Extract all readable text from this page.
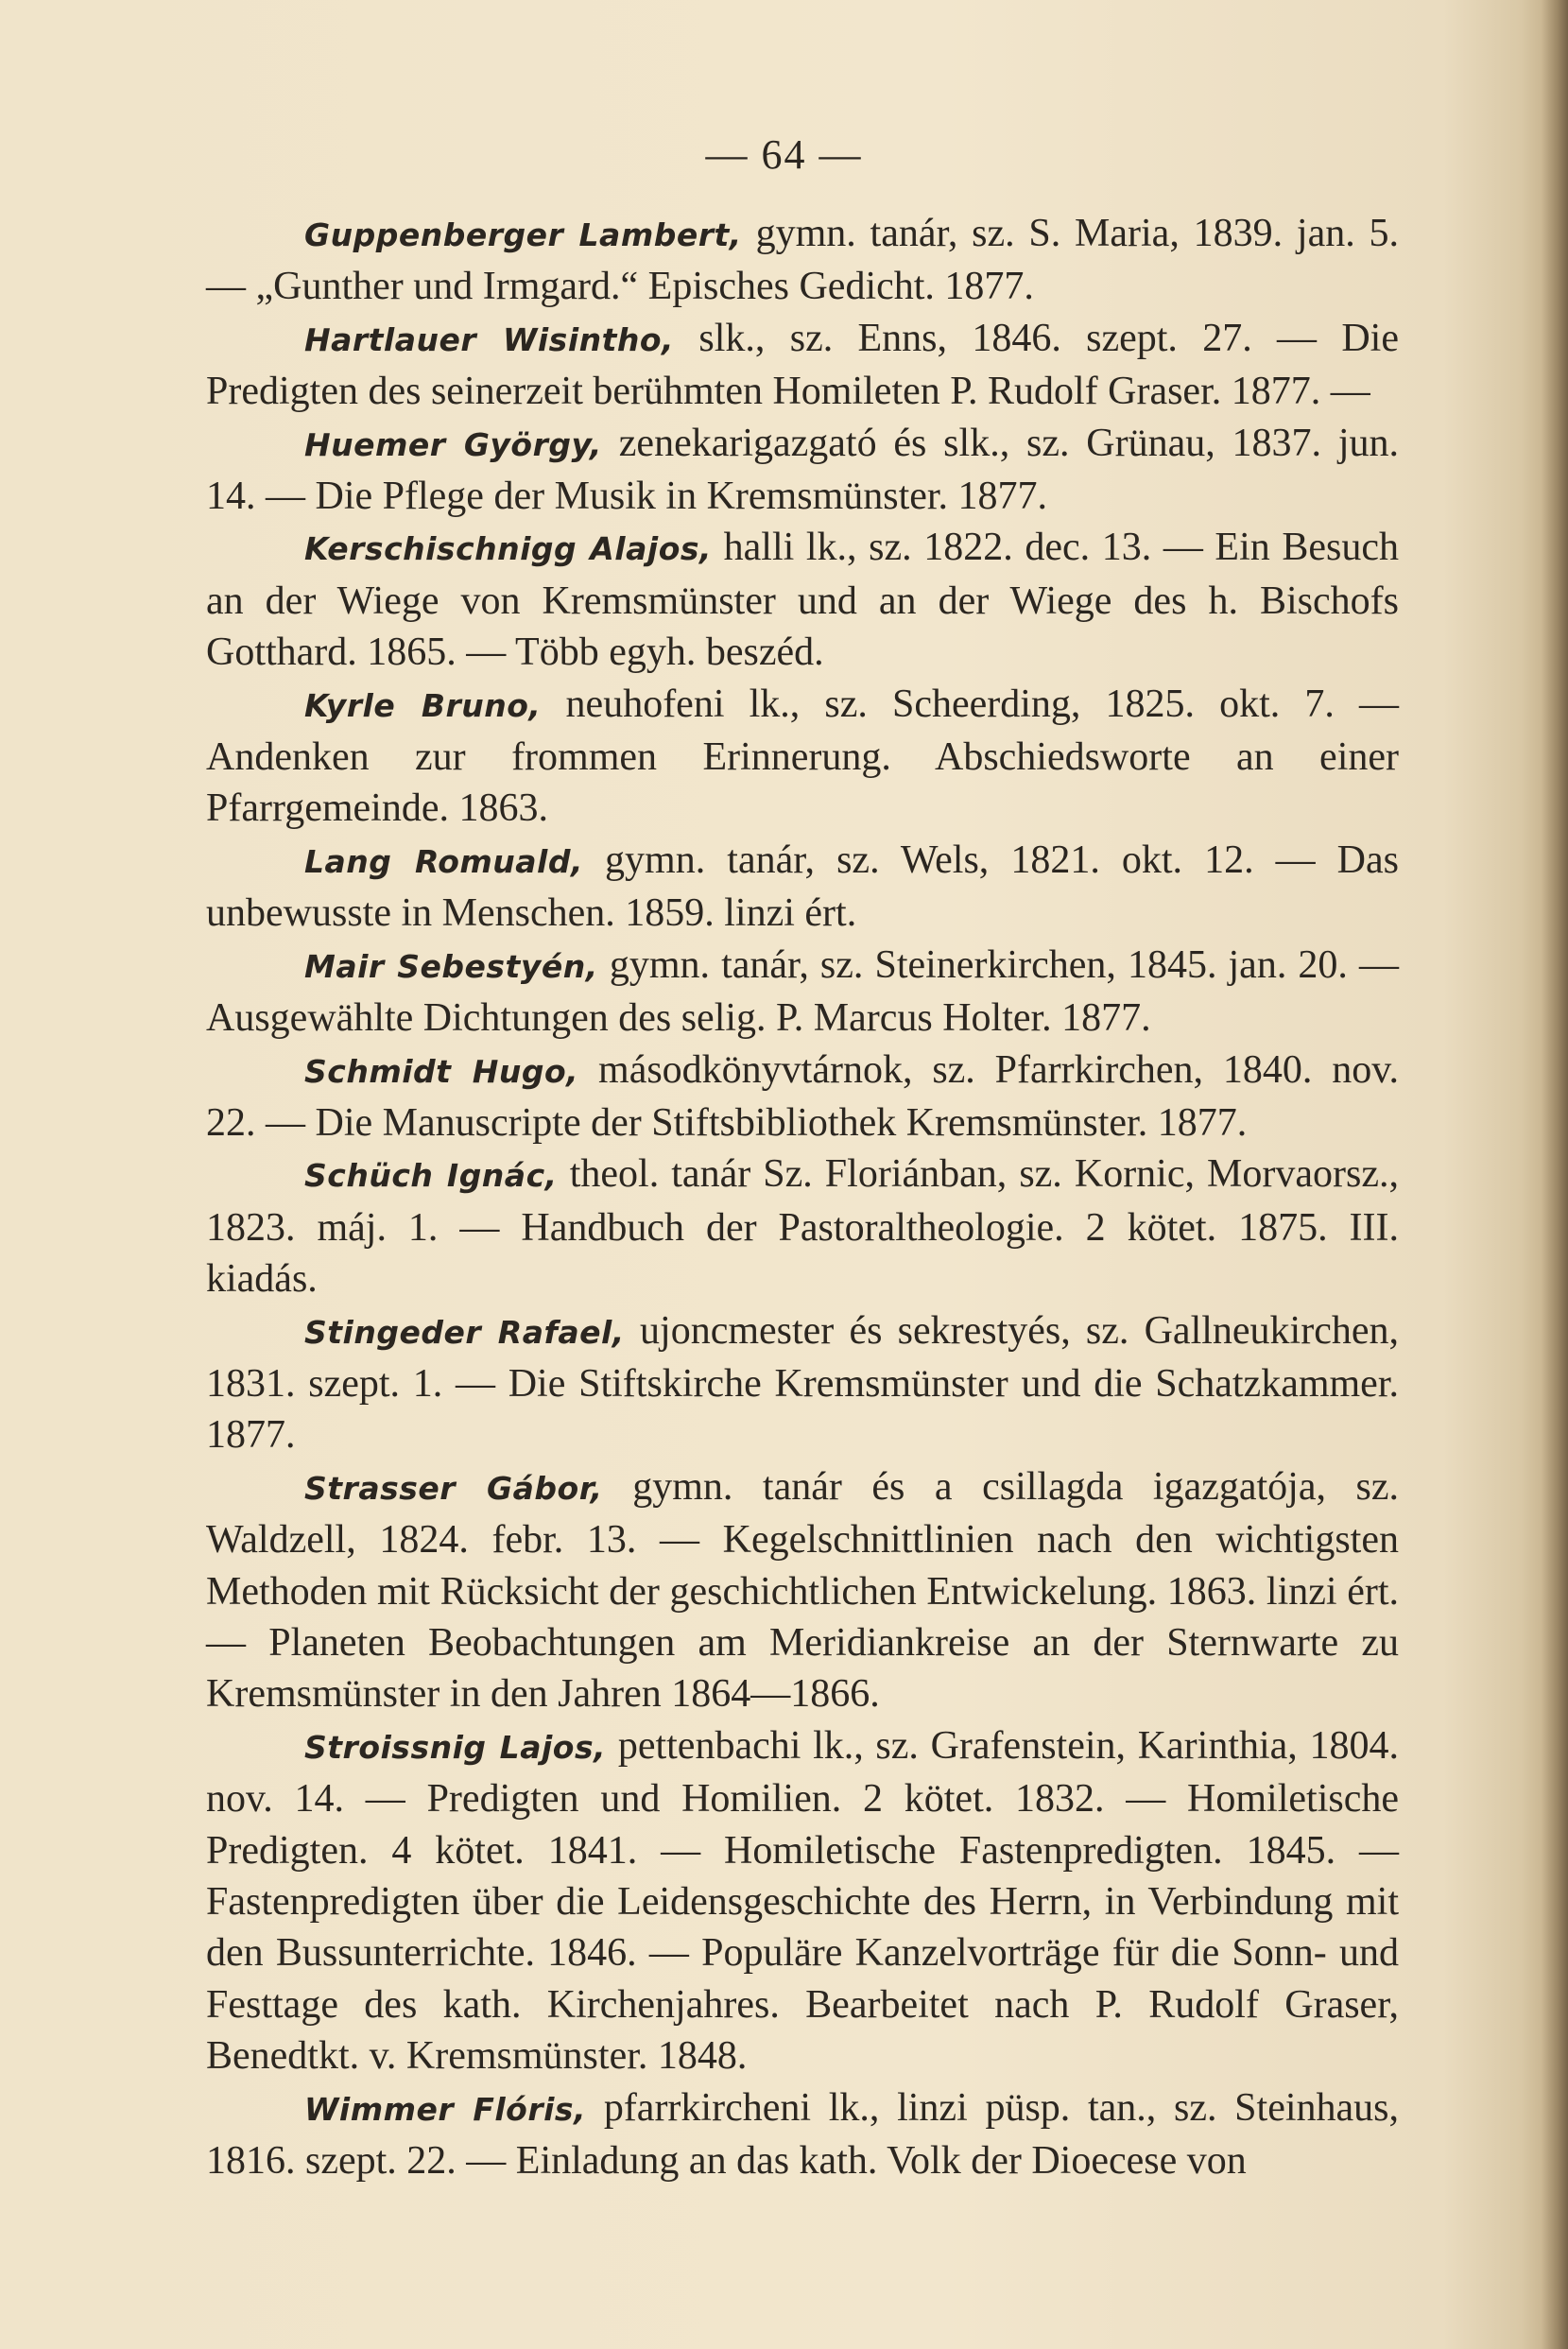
— 64 —

Guppenberger Lambert, gymn. tanár, sz. S. Maria, 1839. jan. 5. — „Gunther und Irmgard.“ Episches Gedicht. 1877.

Hartlauer Wisintho, slk., sz. Enns, 1846. szept. 27. — Die Predigten des seinerzeit berühmten Homileten P. Rudolf Graser. 1877. —

Huemer György, zenekarigazgató és slk., sz. Grünau, 1837. jun. 14. — Die Pflege der Musik in Kremsmünster. 1877.

Kerschischnigg Alajos, halli lk., sz. 1822. dec. 13. — Ein Besuch an der Wiege von Kremsmünster und an der Wiege des h. Bischofs Gotthard. 1865. — Több egyh. beszéd.

Kyrle Bruno, neuhofeni lk., sz. Scheerding, 1825. okt. 7. — Andenken zur frommen Erinnerung. Abschiedsworte an einer Pfarrgemeinde. 1863.

Lang Romuald, gymn. tanár, sz. Wels, 1821. okt. 12. — Das unbewusste in Menschen. 1859. linzi ért.

Mair Sebestyén, gymn. tanár, sz. Steinerkirchen, 1845. jan. 20. — Ausgewählte Dichtungen des selig. P. Marcus Holter. 1877.

Schmidt Hugo, másodkönyvtárnok, sz. Pfarrkirchen, 1840. nov. 22. — Die Manuscripte der Stiftsbibliothek Kremsmünster. 1877.

Schüch Ignác, theol. tanár Sz. Floriánban, sz. Kornic, Morvaorsz., 1823. máj. 1. — Handbuch der Pastoraltheologie. 2 kötet. 1875. III. kiadás.

Stingeder Rafael, ujoncmester és sekrestyés, sz. Gallneukirchen, 1831. szept. 1. — Die Stiftskirche Kremsmünster und die Schatzkammer. 1877.

Strasser Gábor, gymn. tanár és a csillagda igazgatója, sz. Waldzell, 1824. febr. 13. — Kegelschnittlinien nach den wichtigsten Methoden mit Rücksicht der geschichtlichen Entwickelung. 1863. linzi ért. — Planeten Beobachtungen am Meridiankreise an der Sternwarte zu Kremsmünster in den Jahren 1864—1866.

Stroissnig Lajos, pettenbachi lk., sz. Grafenstein, Karinthia, 1804. nov. 14. — Predigten und Homilien. 2 kötet. 1832. — Homiletische Predigten. 4 kötet. 1841. — Homiletische Fastenpredigten. 1845. — Fastenpredigten über die Leidensgeschichte des Herrn, in Verbindung mit den Bussunterrichte. 1846. — Populäre Kanzelvorträge für die Sonn- und Festtage des kath. Kirchenjahres. Bearbeitet nach P. Rudolf Graser, Benedtkt. v. Kremsmünster. 1848.

Wimmer Flóris, pfarrkircheni lk., linzi püsp. tan., sz. Steinhaus, 1816. szept. 22. — Einladung an das kath. Volk der Dioecese von
